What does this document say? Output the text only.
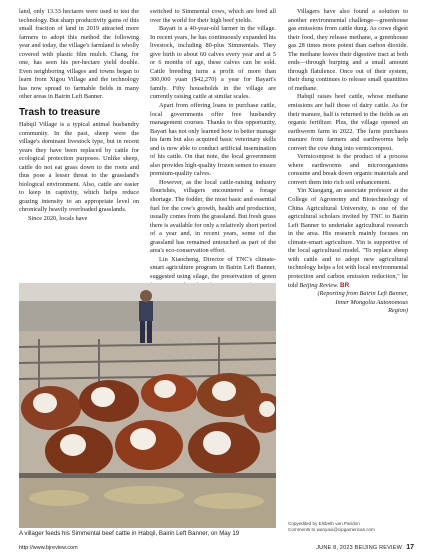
land, only 13.33 hectares were used to test the technology. But sharp productivity gains of this small fraction of land in 2019 attracted more farmers to adopt this method the following year and today, the village's farmland is wholly covered with plastic film mulch. Chang, for one, has seen his per-hectare yield double. Even neighboring villages and towns began to learn from Xigou Village and the technology has now spread to farmable fields in many other areas in Bairin Left Banner.

Trash to treasure

Habqil Village is a typical animal husbandry community. In the past, sheep were the village's dominant livestock type, but in recent years they have been replaced by cattle for ecological protection purposes. Unlike sheep, cattle do not eat grass down to the roots and thus pose a lesser threat to the grassland's biological environment. Also, cattle are easier to keep in captivity, which helps reduce grazing intensity to an appropriate level on chronically heavily overloaded grasslands.

Since 2020, locals have

switched to Simmental cows, which are bred all over the world for their high beef yields.

Bayart is a 40-year-old farmer in the village. In recent years, he has continuously expanded his livestock, including 80-plus Simmentals. They give birth to about 60 calves every year and at 5 or 6 months of age, these calves can be sold. Cattle breeding turns a profit of more than 300,000 yuan ($42,270) a year for Bayart's family. Fifty households in the village are currently raising cattle at similar scales.

Apart from offering loans to purchase cattle, local governments offer free husbandry management courses. Thanks to this opportunity, Bayart has not only learned how to better manage his farm but also acquired basic veterinary skills and is now able to conduct artificial insemination of his cattle. On that note, the local government also provides high-quality frozen semen to ensure premium-quality calves.

However, as the local cattle-raising industry flourishes, villagers encountered a forage shortage. The fodder, the most basic and essential fuel for the cow's growth, health and production, usually comes from the grassland. But fresh grass there is available for only a relatively short period of a year and, in recent years, some of the grassland has remained untouched as part of the area's eco-conservation effort.

Lin Xiaocheng, Director of TNC's climate-smart agriculture program in Bairin Left Banner, suggested using silage, the preservation of green

Villagers have also found a solution to another environmental challenge—greenhouse gas emissions from cattle dung. As cows digest their food, they release methane, a greenhouse gas 28 times more potent than carbon dioxide. The methane leaves their digestive tract at both ends—through burping and a small amount through flatulence. Once out of their system, their dung continues to release small quantities of methane.

Habqil raises beef cattle, whose methane emissions are half those of dairy cattle. As for their manure, half is returned to the fields as an organic fertilizer. Plus, the village opened an earthworm farm in 2022. The farm purchases manure from farmers and earthworms help convert the cow dung into vermicompost.

Vermicompost is the product of a process where earthworms and microorganisms consume and break down organic materials and convert them into rich soil enhancement.

Yin Xiaogang, an associate professor at the College of Agronomy and Biotechnology of China Agricultural University, is one of the agricultural scholars invited by TNC to Bairin Left Banner to undertake agricultural research in the area. His research mainly focuses on climate-smart agriculture. Yin is supportive of the local agricultural model. "To replace sheep with cattle and to adopt new agricultural technology helps a lot with local environmental protection and carbon emission reduction," he told Beijing Review. BR

(Reporting from Bairin Left Banner,
Inner Mongolia Autonomous
Region)

A villager feeds his Simmental beef cattle in Habqil, Bairin Left Banner, on May 19
Copyedited by Elsbeth van Paridon
Comments to wanyaxi@cipgamericas.com
http://www.bjreview.com	JUNE 8, 2023 BEIJING REVIEW 17
